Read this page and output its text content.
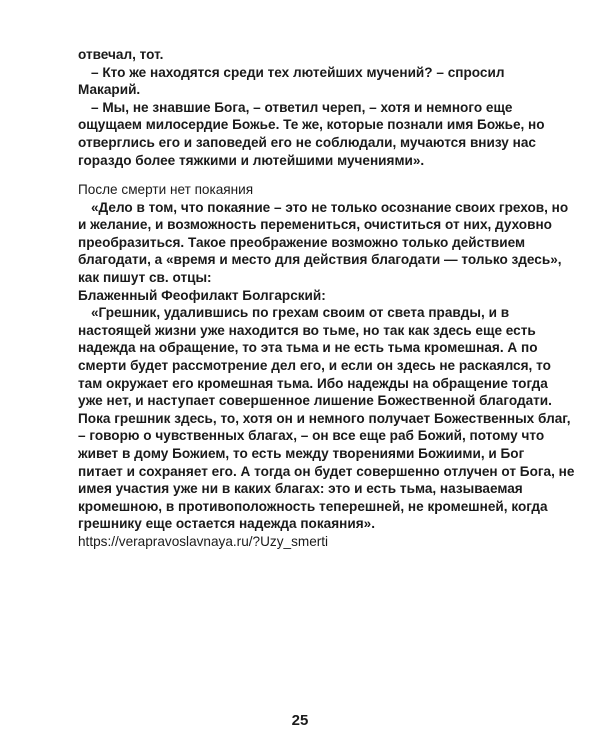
отвечал, тот.
– Кто же находятся среди тех лютейших мучений? – спросил
Макарий.
– Мы, не знавшие Бога, – ответил череп, – хотя и немного еще
ощущаем милосердие Божье. Те же, которые познали имя Божье, но
отверглись его и заповедей его не соблюдали, мучаются внизу нас
гораздо более тяжкими и лютейшими мучениями».
После смерти нет покаяния
«Дело в том, что покаяние – это не только осознание своих грехов, но
и желание, и возможность перемениться, очиститься от них, духовно
преобразиться. Такое преображение возможно только действием
благодати, а «время и место для действия благодати — только здесь»,
как пишут св. отцы:
Блаженный Феофилакт Болгарский:
«Грешник, удалившись по грехам своим от света правды, и в
настоящей жизни уже находится во тьме, но так как здесь еще есть
надежда на обращение, то эта тьма и не есть тьма кромешная. А по
смерти будет рассмотрение дел его, и если он здесь не раскаялся, то
там окружает его кромешная тьма. Ибо надежды на обращение тогда
уже нет, и наступает совершенное лишение Божественной благодати.
Пока грешник здесь, то, хотя он и немного получает Божественных благ,
– говорю о чувственных благах, – он все еще раб Божий, потому что
живет в дому Божием, то есть между творениями Божиими, и Бог
питает и сохраняет его. А тогда он будет совершенно отлучен от Бога, не
имея участия уже ни в каких благах: это и есть тьма, называемая
кромешною, в противоположность теперешней, не кромешней, когда
грешнику еще остается надежда покаяния».
https://verapravoslavnaya.ru/?Uzy_smerti
25
